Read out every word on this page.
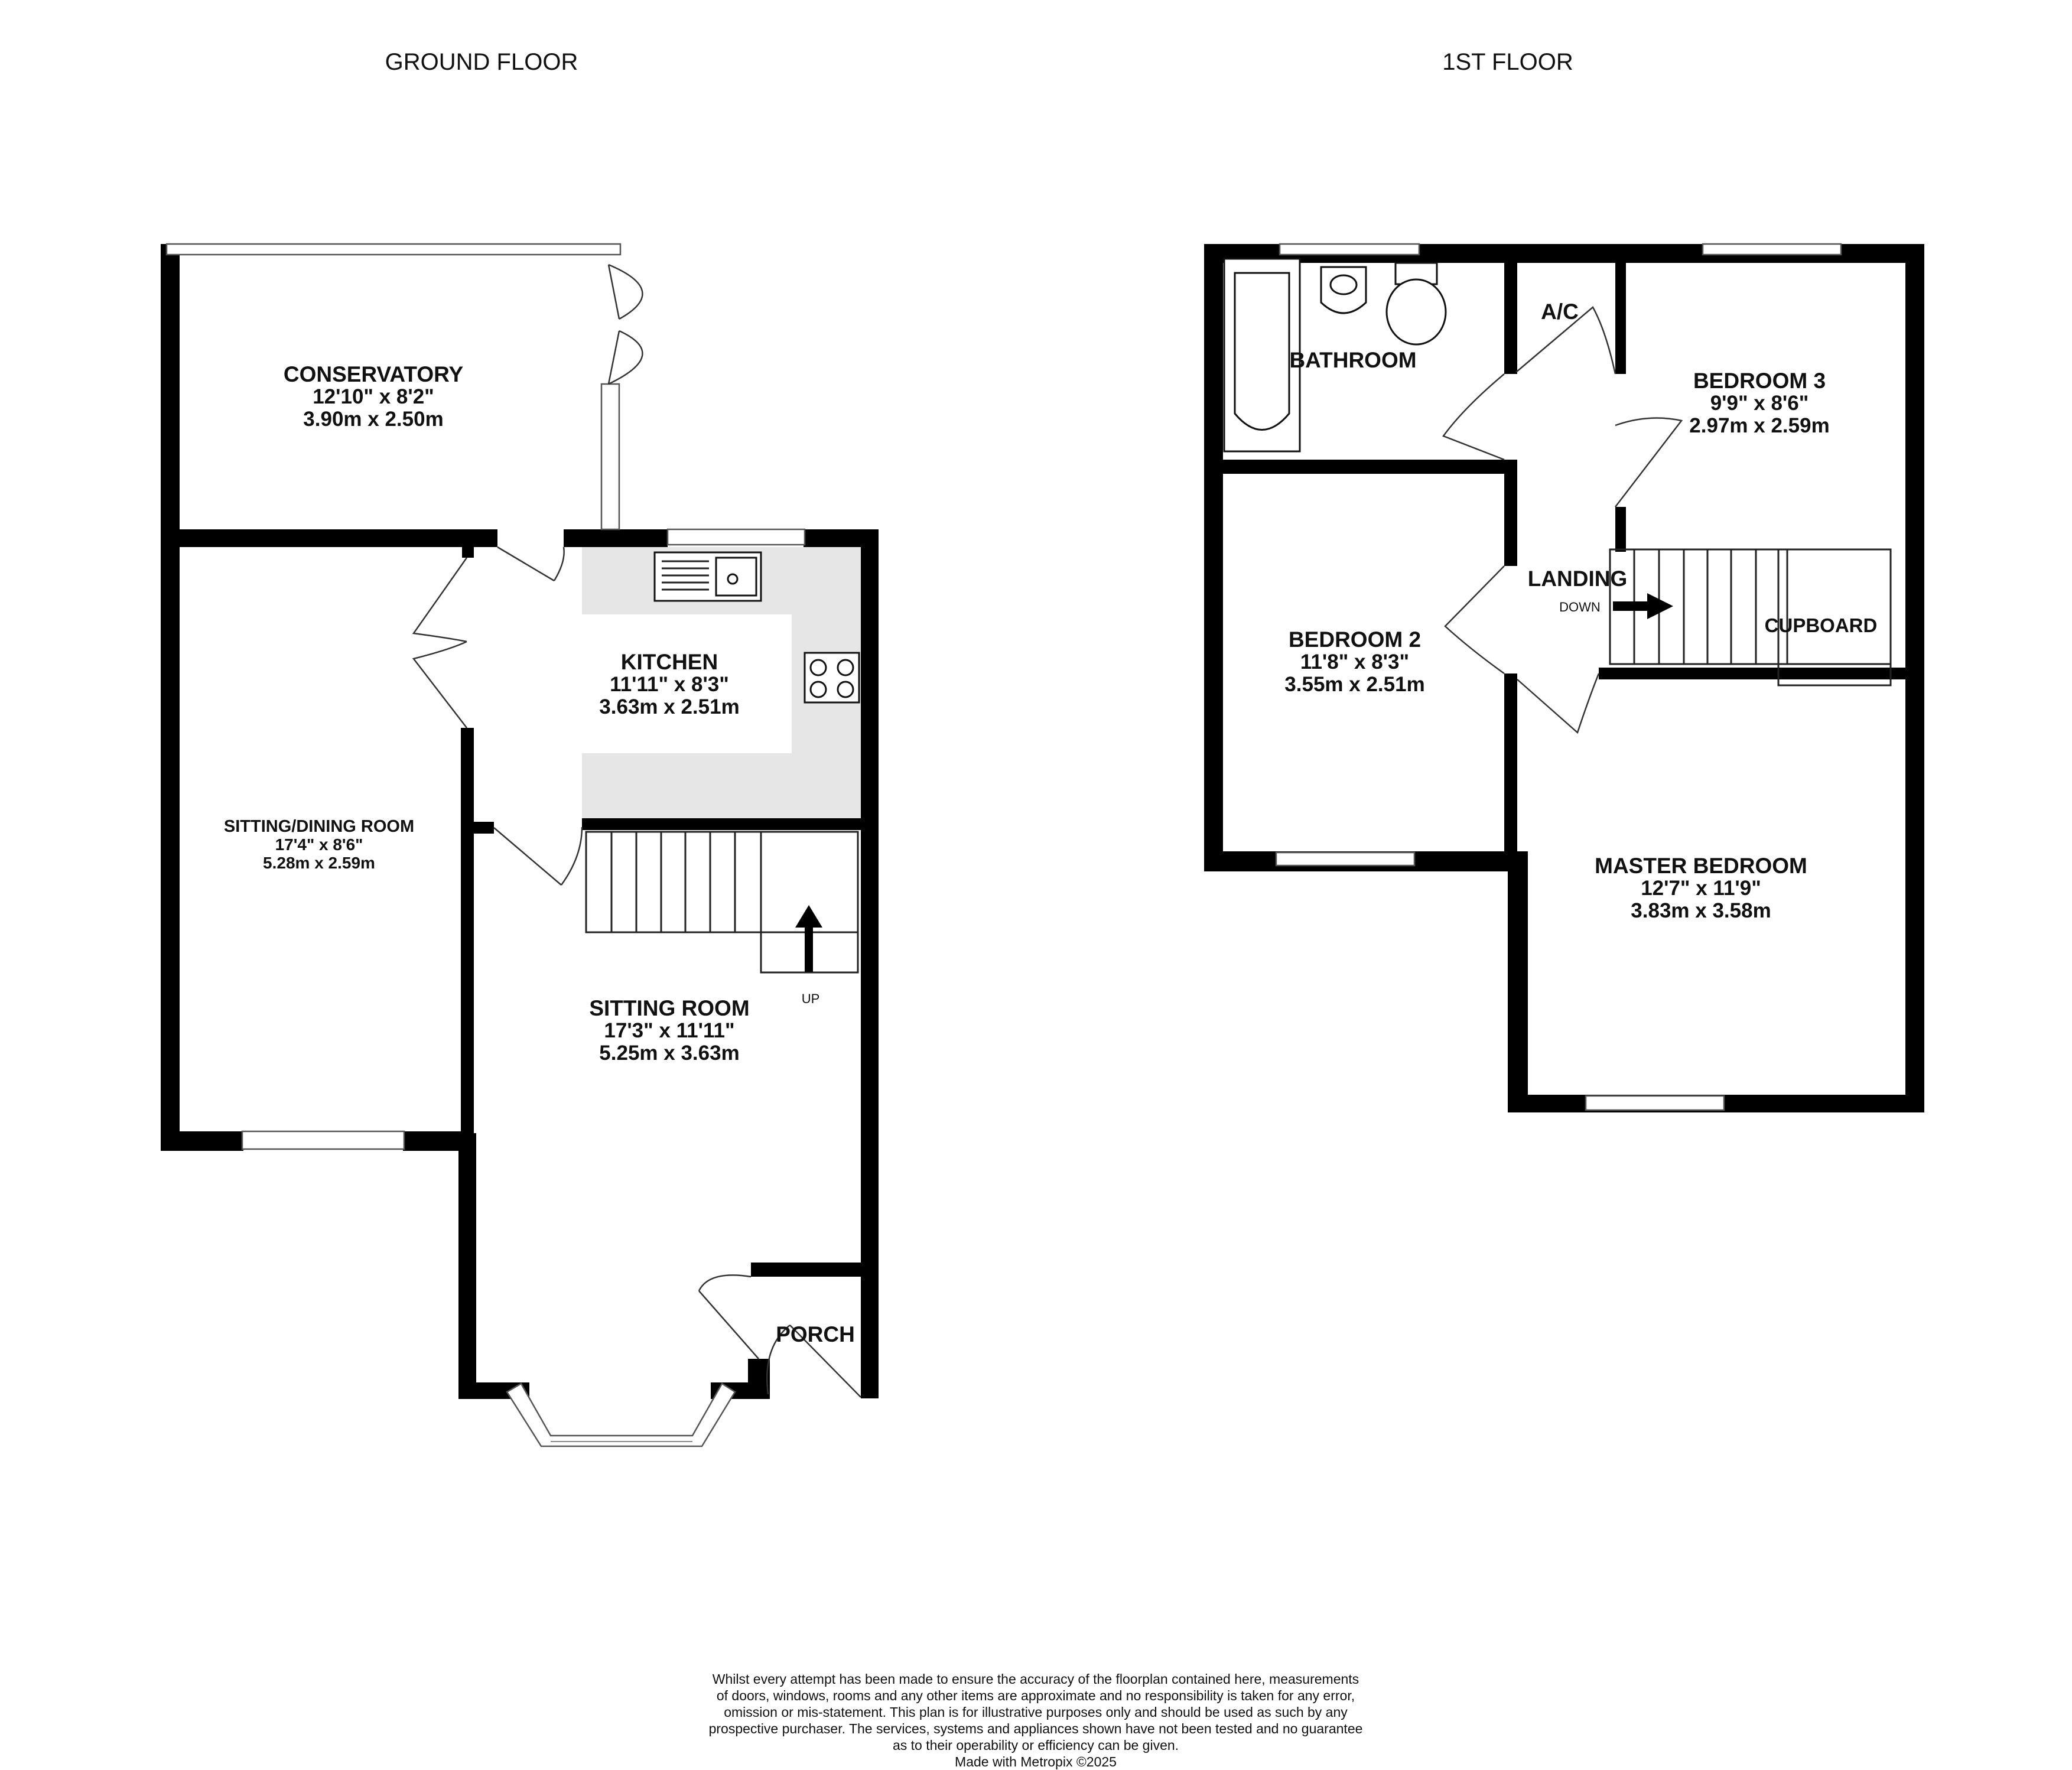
GROUND FLOOR	1ST FLOOR
CONSERVATORY
12'10" x 8'2"
3.90m x 2.50m
KITCHEN
11'11" x 8'3"
3.63m x 2.51m
SITTING/DINING ROOM
17'4" x 8'6"
5.28m x 2.59m
SITTING ROOM
17'3" x 11'11"
5.25m x 3.63m
UP
PORCH
BATHROOM
A/C
BEDROOM 3
9'9" x 8'6"
2.97m x 2.59m
LANDING
DOWN
BEDROOM 2
11'8" x 8'3"
3.55m x 2.51m
CUPBOARD
MASTER BEDROOM
12'7" x 11'9"
3.83m x 3.58m
Whilst every attempt has been made to ensure the accuracy of the floorplan contained here, measurements
of doors, windows, rooms and any other items are approximate and no responsibility is taken for any error,
omission or mis-statement. This plan is for illustrative purposes only and should be used as such by any
prospective purchaser. The services, systems and appliances shown have not been tested and no guarantee
as to their operability or efficiency can be given.
Made with Metropix ©2025
